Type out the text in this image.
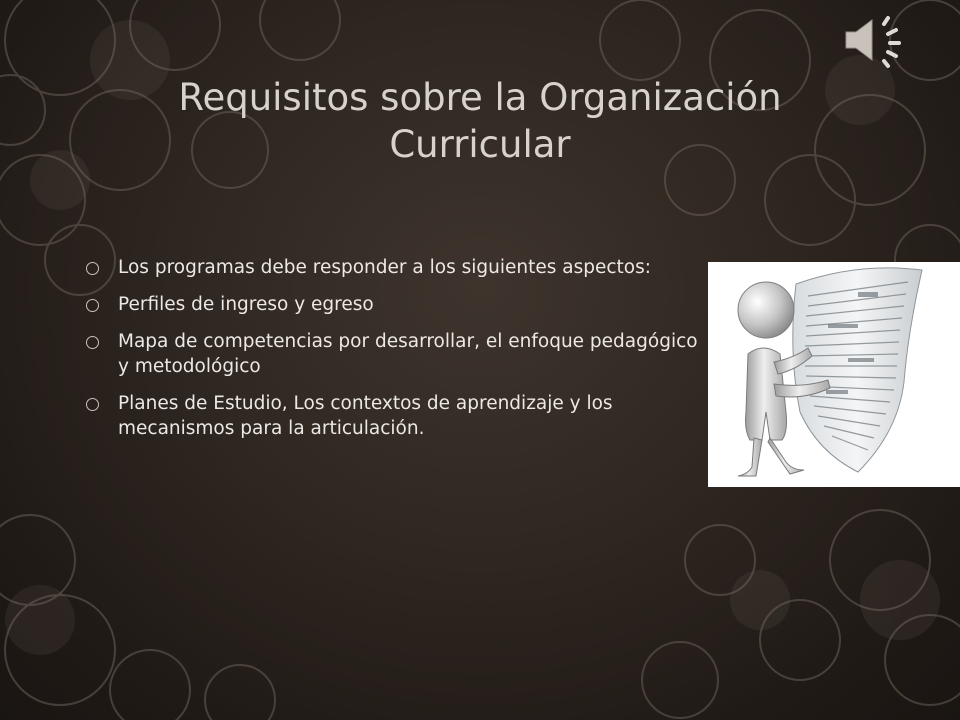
Requisitos sobre la Organización Curricular
Los programas debe responder a los siguientes aspectos:
Perfiles de ingreso y egreso
Mapa de competencias por desarrollar, el enfoque pedagógico y metodológico
Planes de Estudio, Los contextos de aprendizaje y los mecanismos para la articulación.
